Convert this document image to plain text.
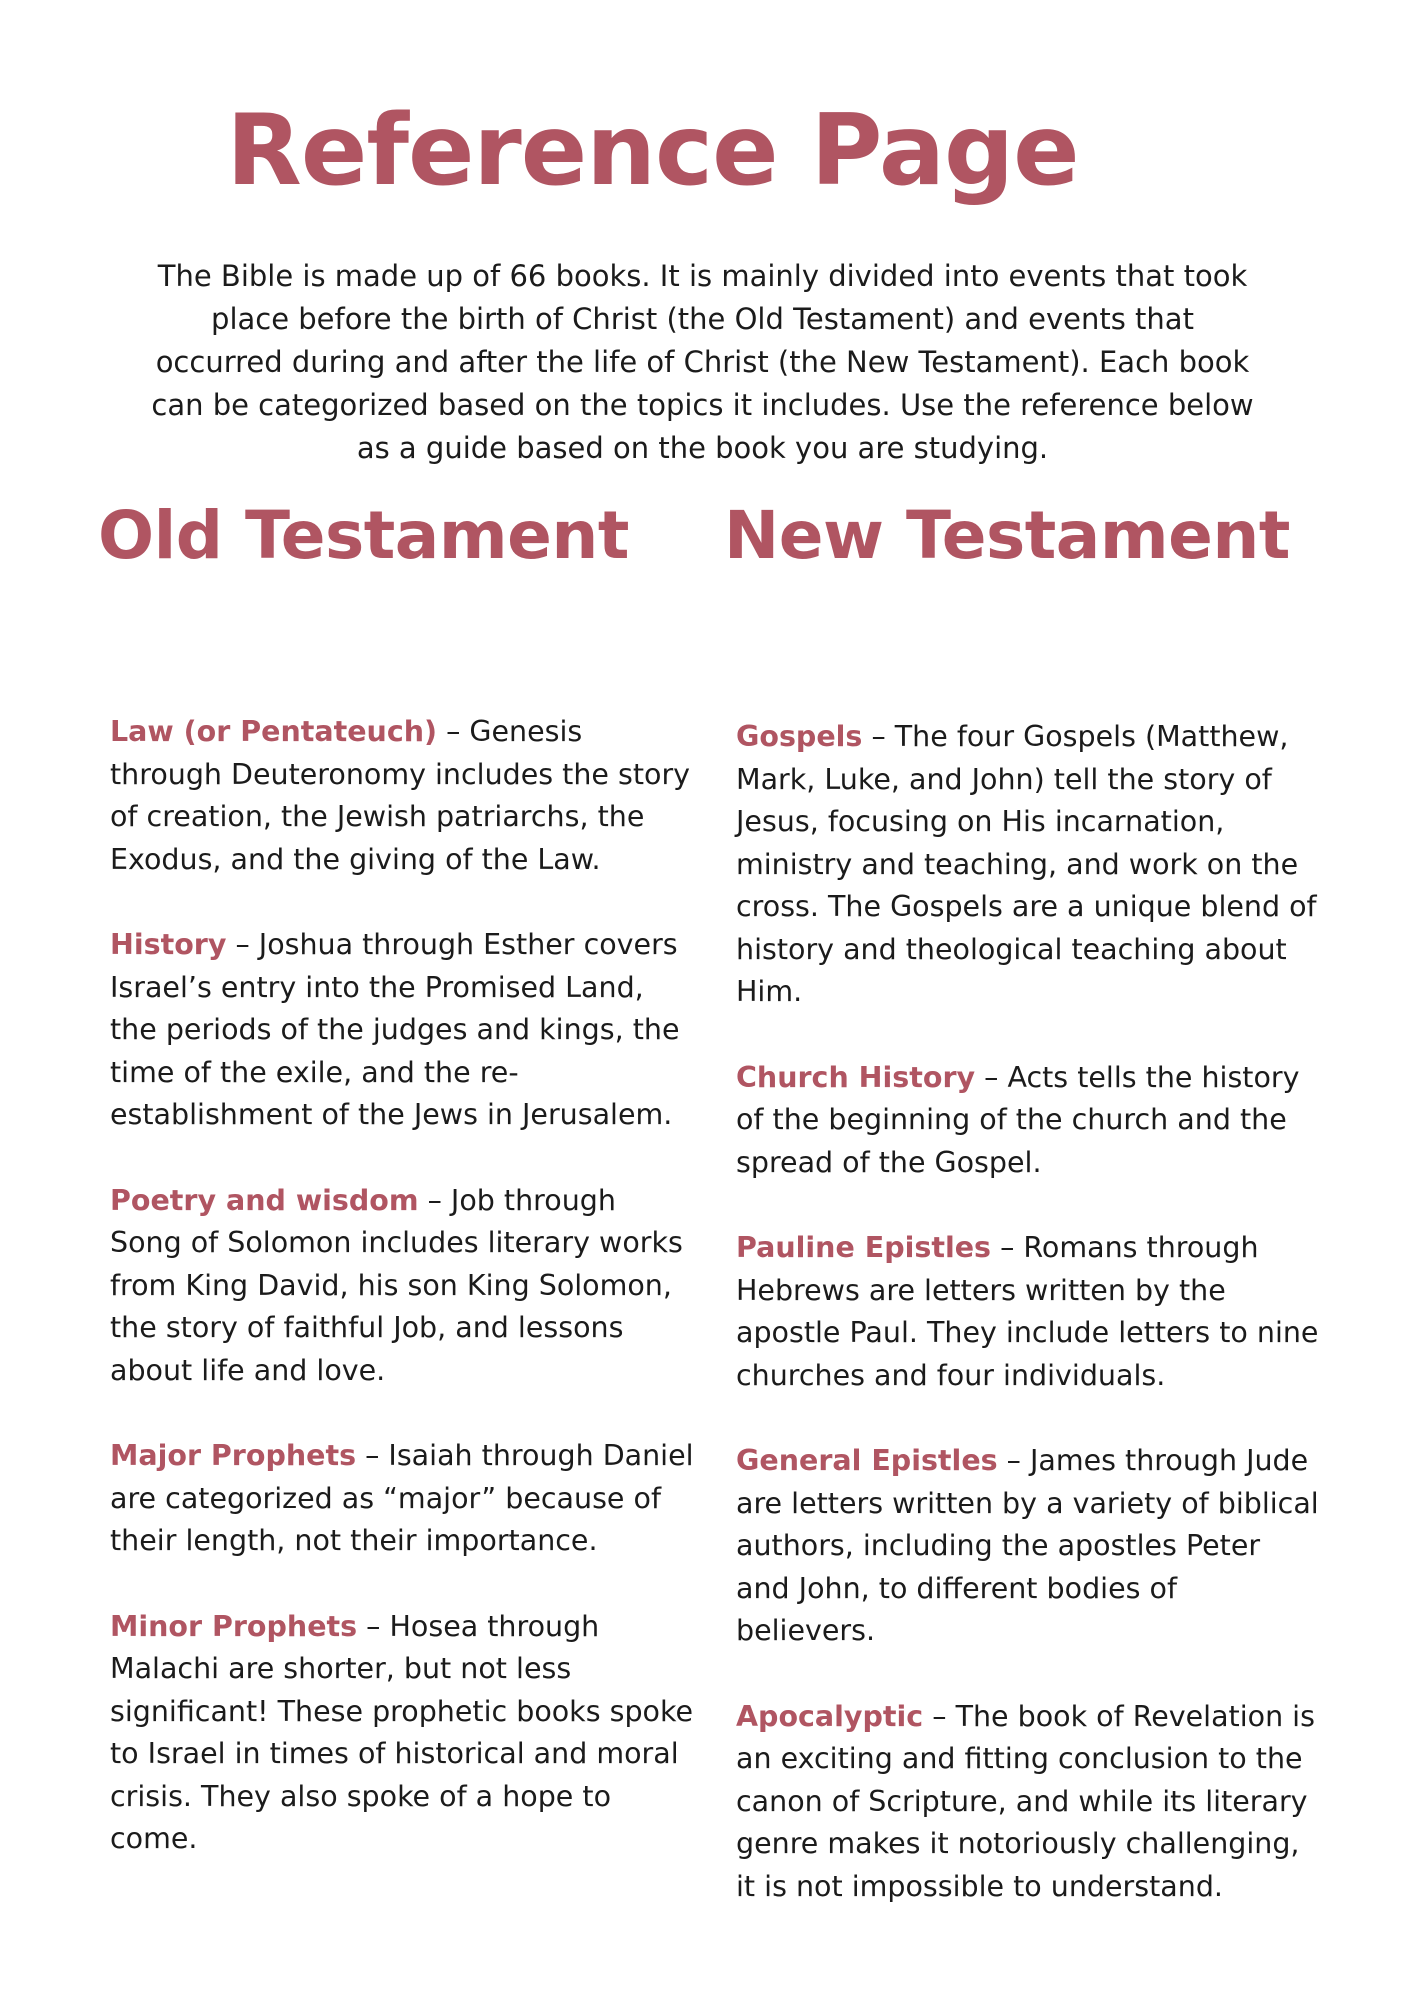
Reference Page

The Bible is made up of 66 books. It is mainly divided into events that took place before the birth of Christ (the Old Testament) and events that occurred during and after the life of Christ (the New Testament). Each book can be categorized based on the topics it includes. Use the reference below as a guide based on the book you are studying.

Old Testament New Testament

Law (or Pentateuch) – Genesis through Deuteronomy includes the story of creation, the Jewish patriarchs, the Exodus, and the giving of the Law.

History – Joshua through Esther covers Israel’s entry into the Promised Land, the periods of the judges and kings, the time of the exile, and the re-establishment of the Jews in Jerusalem.

Poetry and wisdom – Job through Song of Solomon includes literary works from King David, his son King Solomon, the story of faithful Job, and lessons about life and love.

Major Prophets – Isaiah through Daniel are categorized as “major” because of their length, not their importance.

Minor Prophets – Hosea through Malachi are shorter, but not less significant! These prophetic books spoke to Israel in times of historical and moral crisis. They also spoke of a hope to come.

Gospels – The four Gospels (Matthew, Mark, Luke, and John) tell the story of Jesus, focusing on His incarnation, ministry and teaching, and work on the cross. The Gospels are a unique blend of history and theological teaching about Him.

Church History – Acts tells the history of the beginning of the church and the spread of the Gospel.

Pauline Epistles – Romans through Hebrews are letters written by the apostle Paul. They include letters to nine churches and four individuals.

General Epistles – James through Jude are letters written by a variety of biblical authors, including the apostles Peter and John, to different bodies of believers.

Apocalyptic – The book of Revelation is an exciting and fitting conclusion to the canon of Scripture, and while its literary genre makes it notoriously challenging, it is not impossible to understand.
